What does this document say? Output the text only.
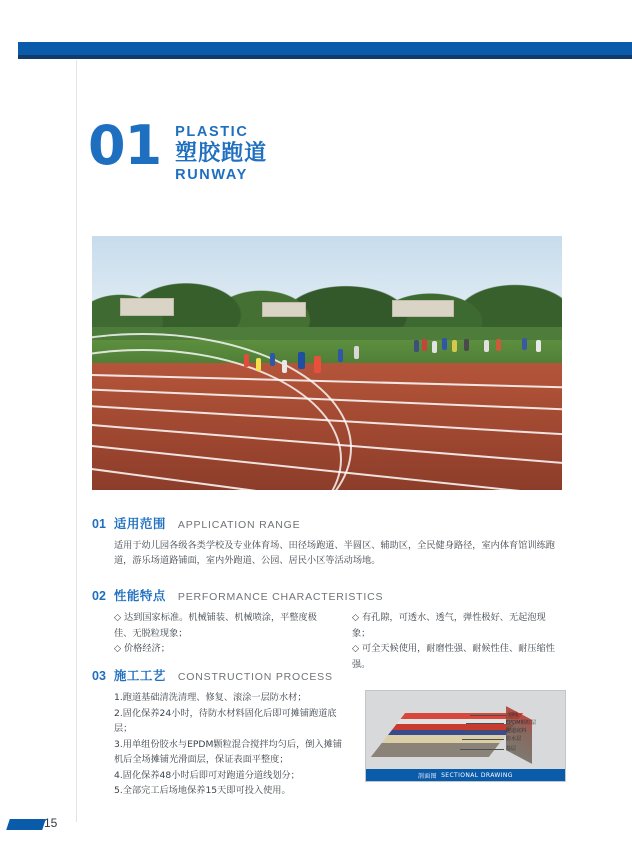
01 PLASTIC
塑胶跑道
RUNWAY
01 适用范围 APPLICATION RANGE

适用于幼儿园各级各类学校及专业体育场、田径场跑道、半圆区、辅助区，全民健身路径，室内体育馆训练跑道，游乐场道路铺面，室内外跑道、公园、居民小区等活动场地。

02 性能特点 PERFORMANCE CHARACTERISTICS

◇ 达到国家标准。机械铺装、机械喷涂，平整度极佳、无脱粒现象；

◇ 价格经济；

◇ 有孔隙，可透水、透气，弹性极好、无起泡现象；

◇ 可全天候使用，耐磨性强、耐候性佳、耐压缩性强。

03 施工工艺 CONSTRUCTION PROCESS

1.跑道基础清洗清理、修复、滚涂一层防水材；

2.固化保养24小时，待防水材料固化后即可摊铺跑道底层；

3.用单组份胶水与EPDM颗粒混合搅拌均匀后，倒入摊铺机后全场摊铺光滑面层，保证表面平整度；

4.固化保养48小时后即可对跑道分道线划分；

5.全部完工后场地保养15天即可投入使用。

划线
EPDM颗粒层
跑道底料
防水层
基层
剖面图 SECTIONAL DRAWING
15
